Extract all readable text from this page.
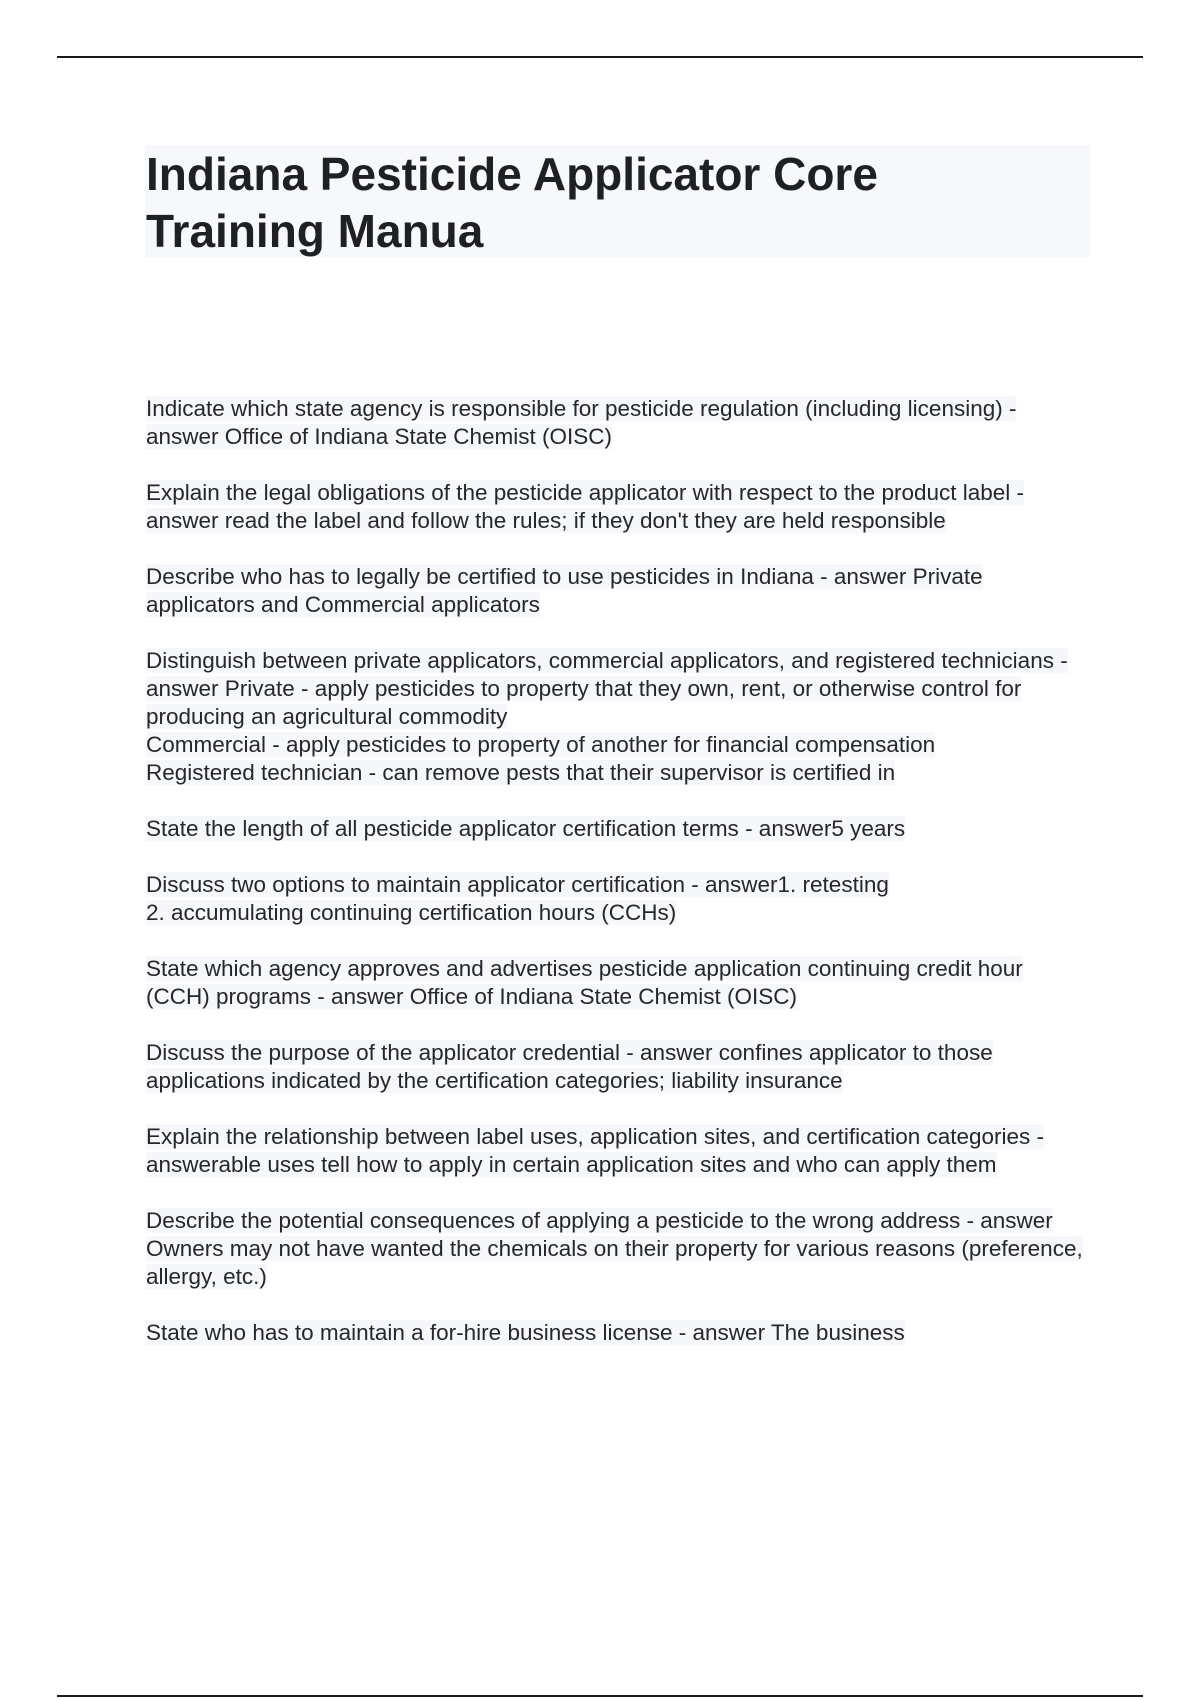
Indiana Pesticide Applicator Core Training Manua
Indicate which state agency is responsible for pesticide regulation (including licensing) - answer Office of Indiana State Chemist (OISC)
Explain the legal obligations of the pesticide applicator with respect to the product label - answer read the label and follow the rules; if they don't they are held responsible
Describe who has to legally be certified to use pesticides in Indiana - answer Private applicators and Commercial applicators
Distinguish between private applicators, commercial applicators, and registered technicians - answer Private - apply pesticides to property that they own, rent, or otherwise control for producing an agricultural commodity
Commercial - apply pesticides to property of another for financial compensation
Registered technician - can remove pests that their supervisor is certified in
State the length of all pesticide applicator certification terms - answer5 years
Discuss two options to maintain applicator certification - answer1. retesting
2. accumulating continuing certification hours (CCHs)
State which agency approves and advertises pesticide application continuing credit hour (CCH) programs - answer Office of Indiana State Chemist (OISC)
Discuss the purpose of the applicator credential - answer confines applicator to those applications indicated by the certification categories; liability insurance
Explain the relationship between label uses, application sites, and certification categories - answerable uses tell how to apply in certain application sites and who can apply them
Describe the potential consequences of applying a pesticide to the wrong address - answer Owners may not have wanted the chemicals on their property for various reasons (preference, allergy, etc.)
State who has to maintain a for-hire business license - answer The business
